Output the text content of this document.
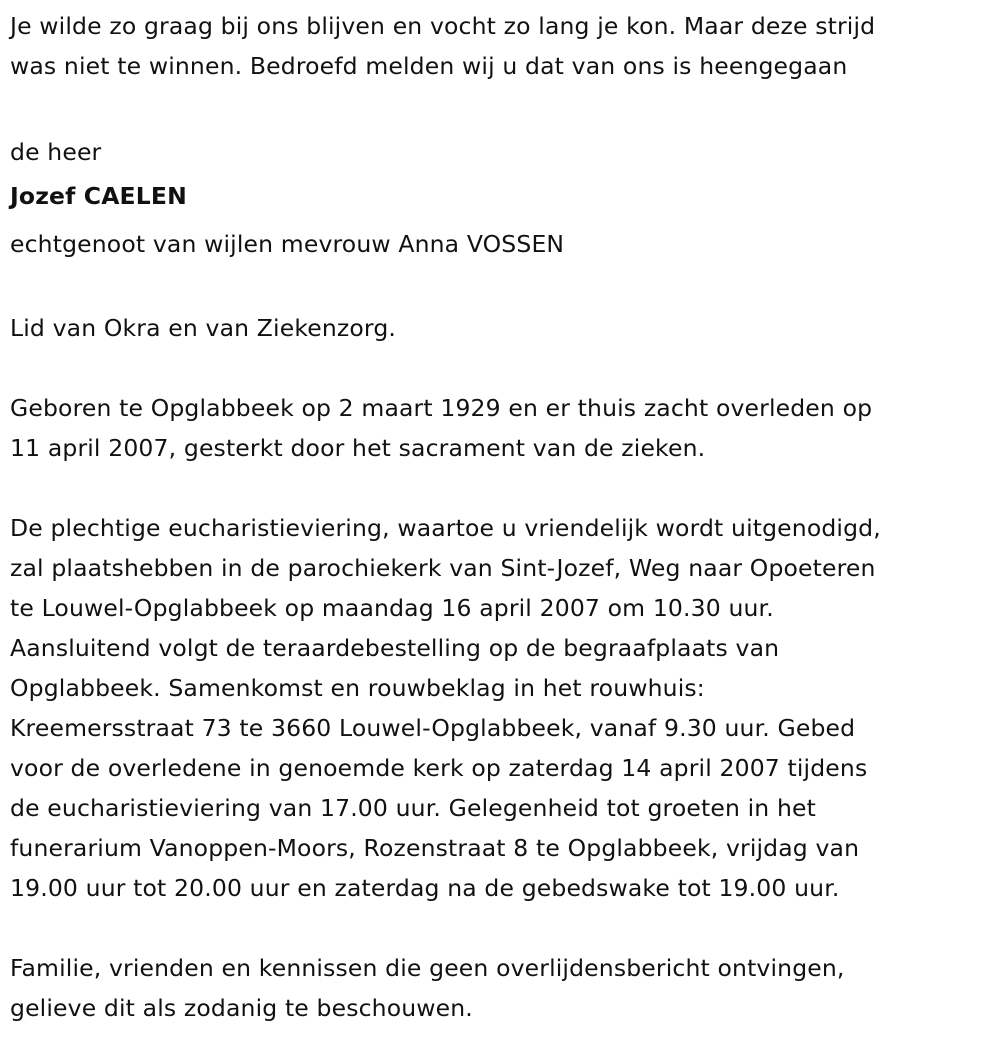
Je wilde zo graag bij ons blijven en vocht zo lang je kon. Maar deze strijd
was niet te winnen. Bedroefd melden wij u dat van ons is heengegaan
de heer
Jozef CAELEN
echtgenoot van wijlen mevrouw Anna VOSSEN
Lid van Okra en van Ziekenzorg.
Geboren te Opglabbeek op 2 maart 1929 en er thuis zacht overleden op
11 april 2007, gesterkt door het sacrament van de zieken.
De plechtige eucharistieviering, waartoe u vriendelijk wordt uitgenodigd,
zal plaatshebben in de parochiekerk van Sint-Jozef, Weg naar Opoeteren
te Louwel-Opglabbeek op maandag 16 april 2007 om 10.30 uur.
Aansluitend volgt de teraardebestelling op de begraafplaats van
Opglabbeek. Samenkomst en rouwbeklag in het rouwhuis:
Kreemersstraat 73 te 3660 Louwel-Opglabbeek, vanaf 9.30 uur. Gebed
voor de overledene in genoemde kerk op zaterdag 14 april 2007 tijdens
de eucharistieviering van 17.00 uur. Gelegenheid tot groeten in het
funerarium Vanoppen-Moors, Rozenstraat 8 te Opglabbeek, vrijdag van
19.00 uur tot 20.00 uur en zaterdag na de gebedswake tot 19.00 uur.
Familie, vrienden en kennissen die geen overlijdensbericht ontvingen,
gelieve dit als zodanig te beschouwen.
